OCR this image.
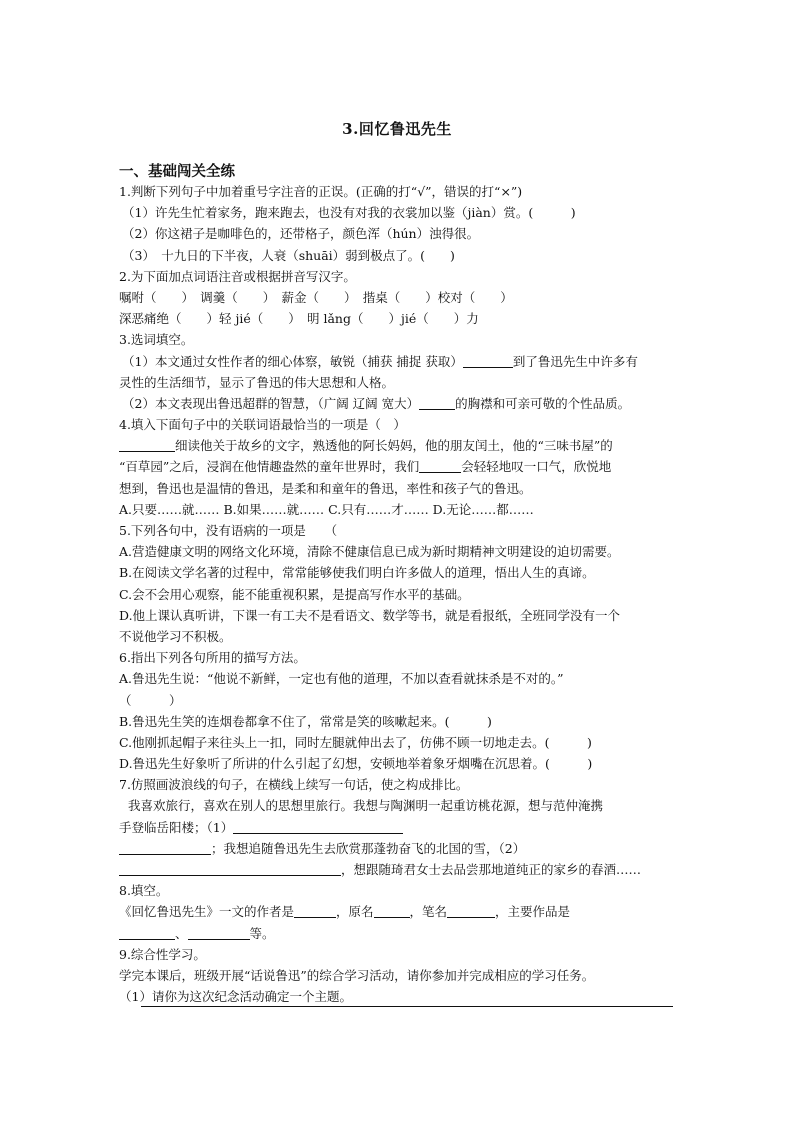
3.回忆鲁迅先生
一、基础闯关全练
1.判断下列句子中加着重号字注音的正误。(正确的打“√”，错误的打“×”)
（1）许先生忙着家务，跑来跑去，也没有对我的衣裳加以鉴（jiàn）赏。(　　　)
（2）你这裙子是咖啡色的，还带格子，颜色浑（hún）浊得很。
（3）　十九日的下半夜，人衰（shuāi）弱到极点了。(　　)
2.为下面加点词语注音或根据拼音写汉字。
嘱咐（　　）　调羹（　　）　薪金（　　）　揩桌（　　）校对（　　）
深恶痛绝（　　）轻 jié（　　）　明 lǎng（　　）jié（　　）力
3.选词填空。
（1）本文通过女性作者的细心体察，敏锐（捕获 捕捉 获取）	到了鲁迅先生中许多有
灵性的生活细节，显示了鲁迅的伟大思想和人格。
（2）本文表现出鲁迅超群的智慧，（广阔 辽阔 宽大）	的胸襟和可亲可敬的个性品质。
4.填入下面句子中的关联词语最恰当的一项是（　）
细读他关于故乡的文字，熟透他的阿长妈妈，他的朋友闰土，他的“三味书屋”的
“百草园”之后，浸润在他情趣盎然的童年世界时，我们	会轻轻地叹一口气，欣悦地
想到，鲁迅也是温情的鲁迅，是柔和和童年的鲁迅，率性和孩子气的鲁迅。
A.只要……就…… B.如果……就…… C.只有……才…… D.无论……都……
5.下列各句中，没有语病的一项是　　（
A.营造健康文明的网络文化环境，清除不健康信息已成为新时期精神文明建设的迫切需要。
B.在阅读文学名著的过程中，常常能够使我们明白许多做人的道理，悟出人生的真谛。
C.会不会用心观察，能不能重视积累，是提高写作水平的基础。
D.他上课认真听讲，下课一有工夫不是看语文、数学等书，就是看报纸，全班同学没有一个
不说他学习不积极。
6.指出下列各句所用的描写方法。
A.鲁迅先生说：“他说不新鲜，一定也有他的道理，不加以查看就抹杀是不对的。”
（　　　）
B.鲁迅先生笑的连烟卷都拿不住了，常常是笑的咳嗽起来。(　　　)
C.他刚抓起帽子来往头上一扣，同时左腿就伸出去了，仿佛不顾一切地走去。(　　　)
D.鲁迅先生好象听了所讲的什么引起了幻想，安顿地举着象牙烟嘴在沉思着。(　　　)
7.仿照画波浪线的句子，在横线上续写一句话，使之构成排比。
我喜欢旅行，喜欢在别人的思想里旅行。我想与陶渊明一起重访桃花源，想与范仲淹携
手登临岳阳楼；（1）
；我想追随鲁迅先生去欣赏那蓬勃奋飞的北国的雪，（2）
，想跟随琦君女士去品尝那地道纯正的家乡的春酒……
8.填空。
《回忆鲁迅先生》一文的作者是	，原名	，笔名	，主要作品是
、	等。
9.综合性学习。
学完本课后，班级开展“话说鲁迅”的综合学习活动，请你参加并完成相应的学习任务。
（1）请你为这次纪念活动确定一个主题。
